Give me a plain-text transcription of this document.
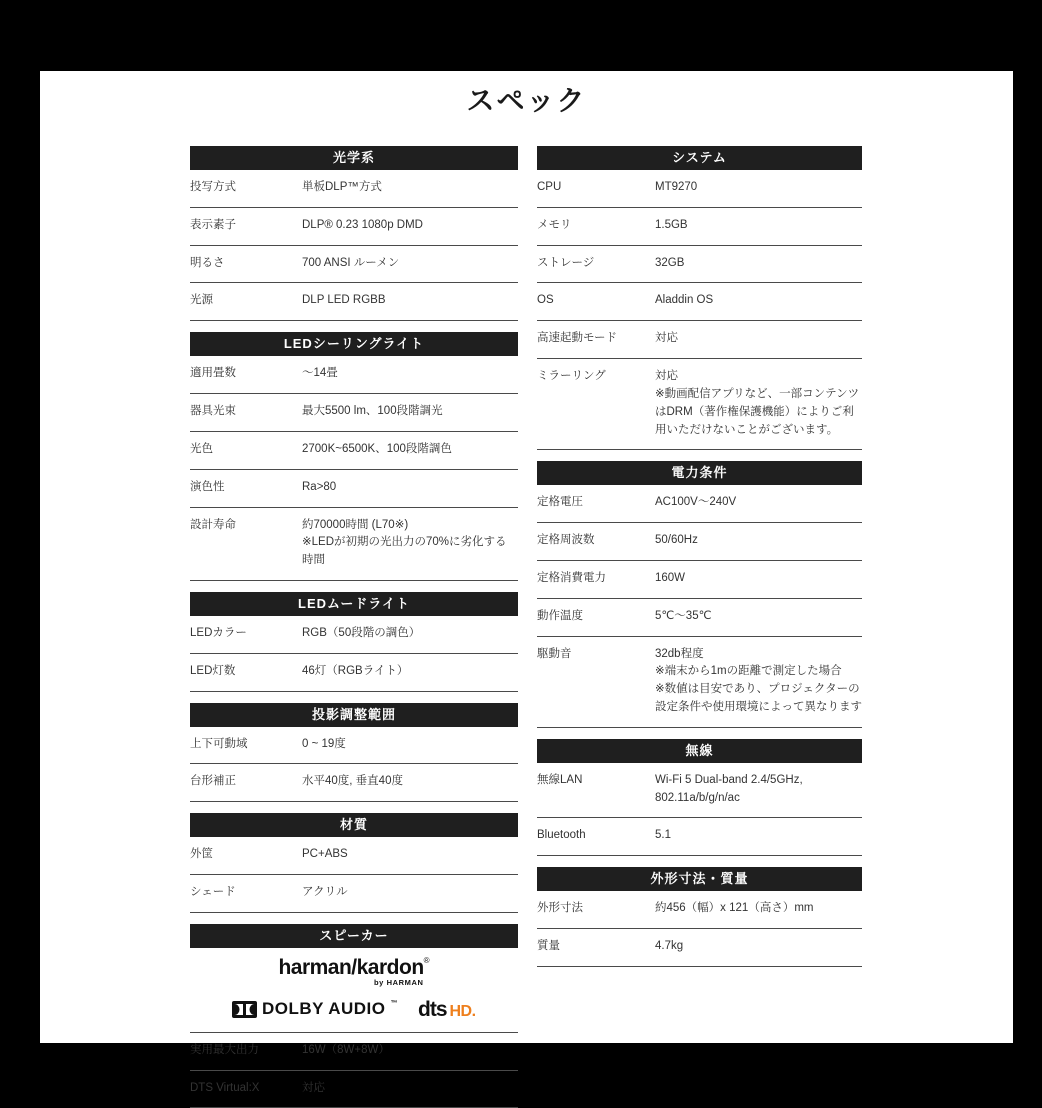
スペック
光学系
投写方式	単板DLP™方式
表示素子	DLP® 0.23 1080p DMD
明るさ	700 ANSI ルーメン
光源	DLP LED RGBB
LEDシーリングライト
適用畳数	～14畳
器具光束	最大5500 lm、100段階調光
光色	2700K~6500K、100段階調色
演色性	Ra>80
設計寿命	約70000時間 (L70※)
※LEDが初期の光出力の70%に劣化する時間
LEDムードライト
LEDカラー	RGB（50段階の調色）
LED灯数	46灯（RGBライト）
投影調整範囲
上下可動域	0 ~ 19度
台形補正	水平40度, 垂直40度
材質
外筐	PC+ABS
シェード	アクリル
スピーカー
harman/kardon®
by HARMAN
DOLBY AUDIO ™ dts HD .
実用最大出力	16W（8W+8W）
DTS Virtual:X	対応
システム
CPU	MT9270
メモリ	1.5GB
ストレージ	32GB
OS	Aladdin OS
高速起動モード	対応
ミラーリング	対応
※動画配信アプリなど、一部コンテンツはDRM（著作権保護機能）によりご利用いただけないことがございます。
電力条件
定格電圧	AC100V～240V
定格周波数	50/60Hz
定格消費電力	160W
動作温度	5℃～35℃
駆動音	32db程度
※端末から1mの距離で測定した場合
※数値は目安であり、プロジェクターの設定条件や使用環境によって異なります
無線
無線LAN	Wi-Fi 5 Dual-band 2.4/5GHz, 802.11a/b/g/n/ac
Bluetooth	5.1
外形寸法・質量
外形寸法	約456（幅）x 121（高さ）mm
質量	4.7kg
